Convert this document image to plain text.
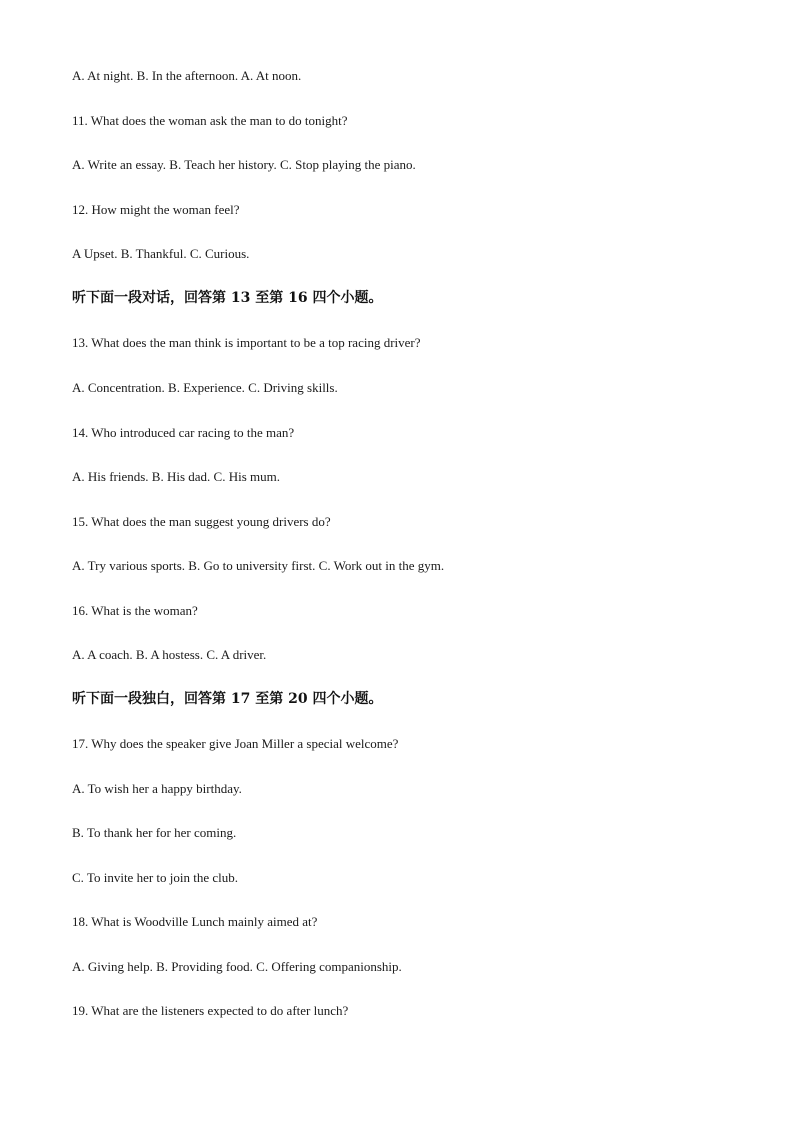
A. At night. B. In the afternoon. A. At noon.
11. What does the woman ask the man to do tonight?
A. Write an essay. B. Teach her history. C. Stop playing the piano.
12. How might the woman feel?
A Upset. B. Thankful. C. Curious.
听下面一段对话，回答第 13 至第 16 四个小题。
13. What does the man think is important to be a top racing driver?
A. Concentration. B. Experience. C. Driving skills.
14. Who introduced car racing to the man?
A. His friends. B. His dad. C. His mum.
15. What does the man suggest young drivers do?
A. Try various sports. B. Go to university first. C. Work out in the gym.
16. What is the woman?
A. A coach. B. A hostess. C. A driver.
听下面一段独白，回答第 17 至第 20 四个小题。
17. Why does the speaker give Joan Miller a special welcome?
A. To wish her a happy birthday.
B. To thank her for her coming.
C. To invite her to join the club.
18. What is Woodville Lunch mainly aimed at?
A. Giving help. B. Providing food. C. Offering companionship.
19. What are the listeners expected to do after lunch?
